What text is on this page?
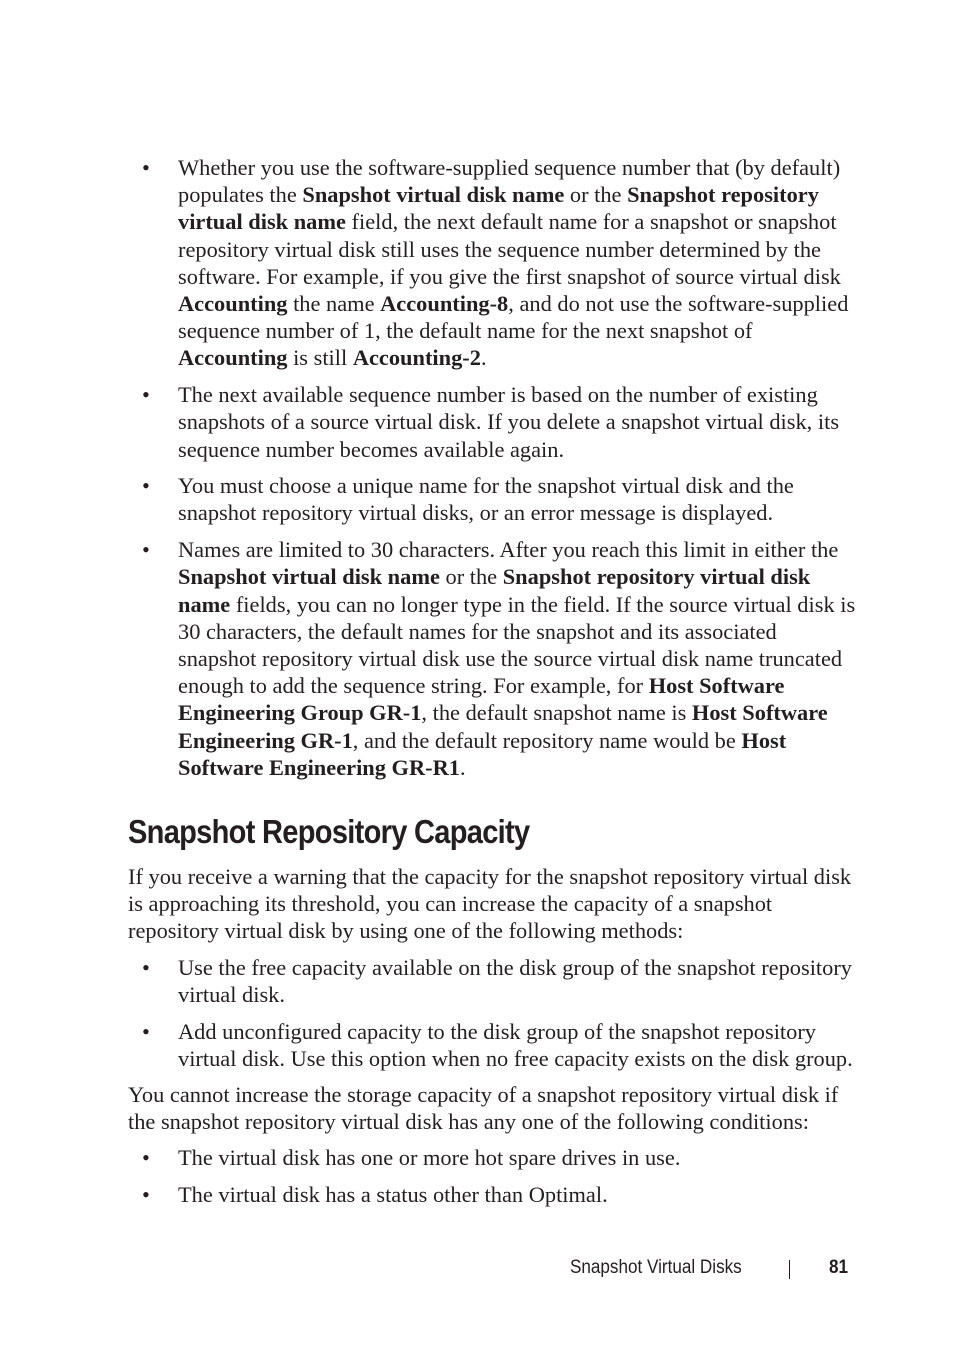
• Whether you use the software-supplied sequence number that (by default) populates the Snapshot virtual disk name or the Snapshot repository virtual disk name field, the next default name for a snapshot or snapshot repository virtual disk still uses the sequence number determined by the software. For example, if you give the first snapshot of source virtual disk Accounting the name Accounting-8, and do not use the software-supplied sequence number of 1, the default name for the next snapshot of Accounting is still Accounting-2.
• The next available sequence number is based on the number of existing snapshots of a source virtual disk. If you delete a snapshot virtual disk, its sequence number becomes available again.
• You must choose a unique name for the snapshot virtual disk and the snapshot repository virtual disks, or an error message is displayed.
• Names are limited to 30 characters. After you reach this limit in either the Snapshot virtual disk name or the Snapshot repository virtual disk name fields, you can no longer type in the field. If the source virtual disk is 30 characters, the default names for the snapshot and its associated snapshot repository virtual disk use the source virtual disk name truncated enough to add the sequence string. For example, for Host Software Engineering Group GR-1, the default snapshot name is Host Software Engineering GR-1, and the default repository name would be Host Software Engineering GR-R1.
Snapshot Repository Capacity

If you receive a warning that the capacity for the snapshot repository virtual disk is approaching its threshold, you can increase the capacity of a snapshot repository virtual disk by using one of the following methods:

• Use the free capacity available on the disk group of the snapshot repository virtual disk.
• Add unconfigured capacity to the disk group of the snapshot repository virtual disk. Use this option when no free capacity exists on the disk group.

You cannot increase the storage capacity of a snapshot repository virtual disk if the snapshot repository virtual disk has any one of the following conditions:

• The virtual disk has one or more hot spare drives in use.
• The virtual disk has a status other than Optimal.
Snapshot Virtual Disks	81
